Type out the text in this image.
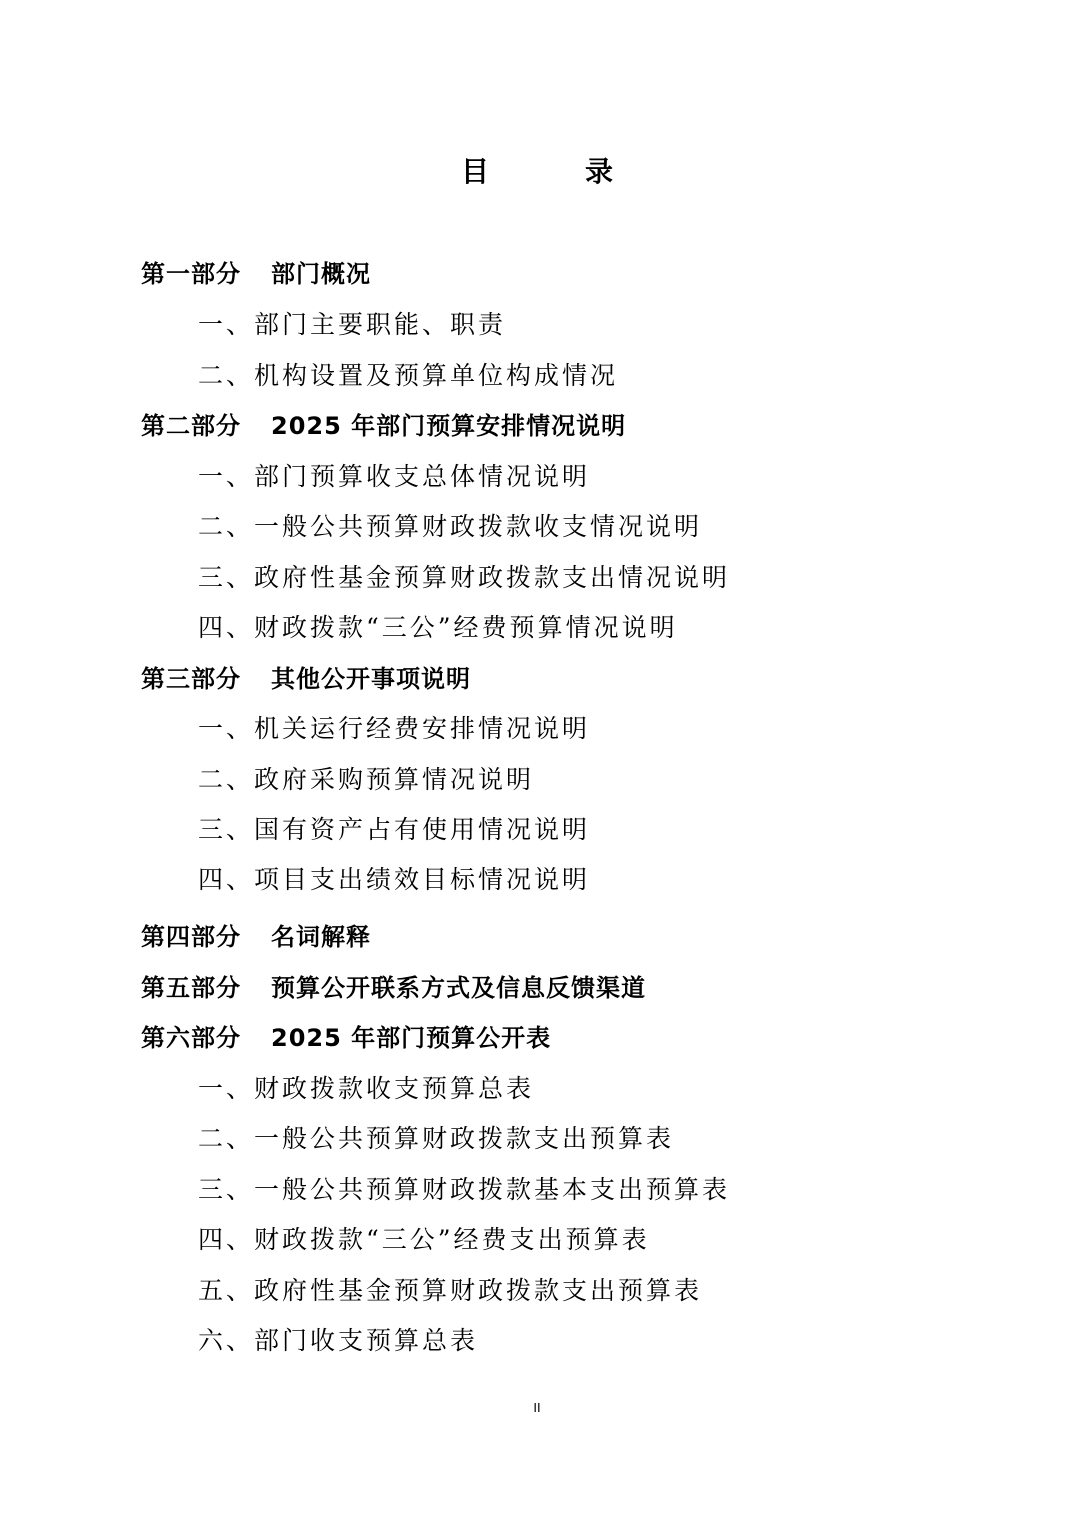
目　录
第一部分 部门概况
一、部门主要职能、职责
二、机构设置及预算单位构成情况
第二部分 2025 年部门预算安排情况说明
一、部门预算收支总体情况说明
二、一般公共预算财政拨款收支情况说明
三、政府性基金预算财政拨款支出情况说明
四、财政拨款“三公”经费预算情况说明
第三部分 其他公开事项说明
一、机关运行经费安排情况说明
二、政府采购预算情况说明
三、国有资产占有使用情况说明
四、项目支出绩效目标情况说明
第四部分 名词解释
第五部分 预算公开联系方式及信息反馈渠道
第六部分 2025 年部门预算公开表
一、财政拨款收支预算总表
二、一般公共预算财政拨款支出预算表
三、一般公共预算财政拨款基本支出预算表
四、财政拨款“三公”经费支出预算表
五、政府性基金预算财政拨款支出预算表
六、部门收支预算总表
II
